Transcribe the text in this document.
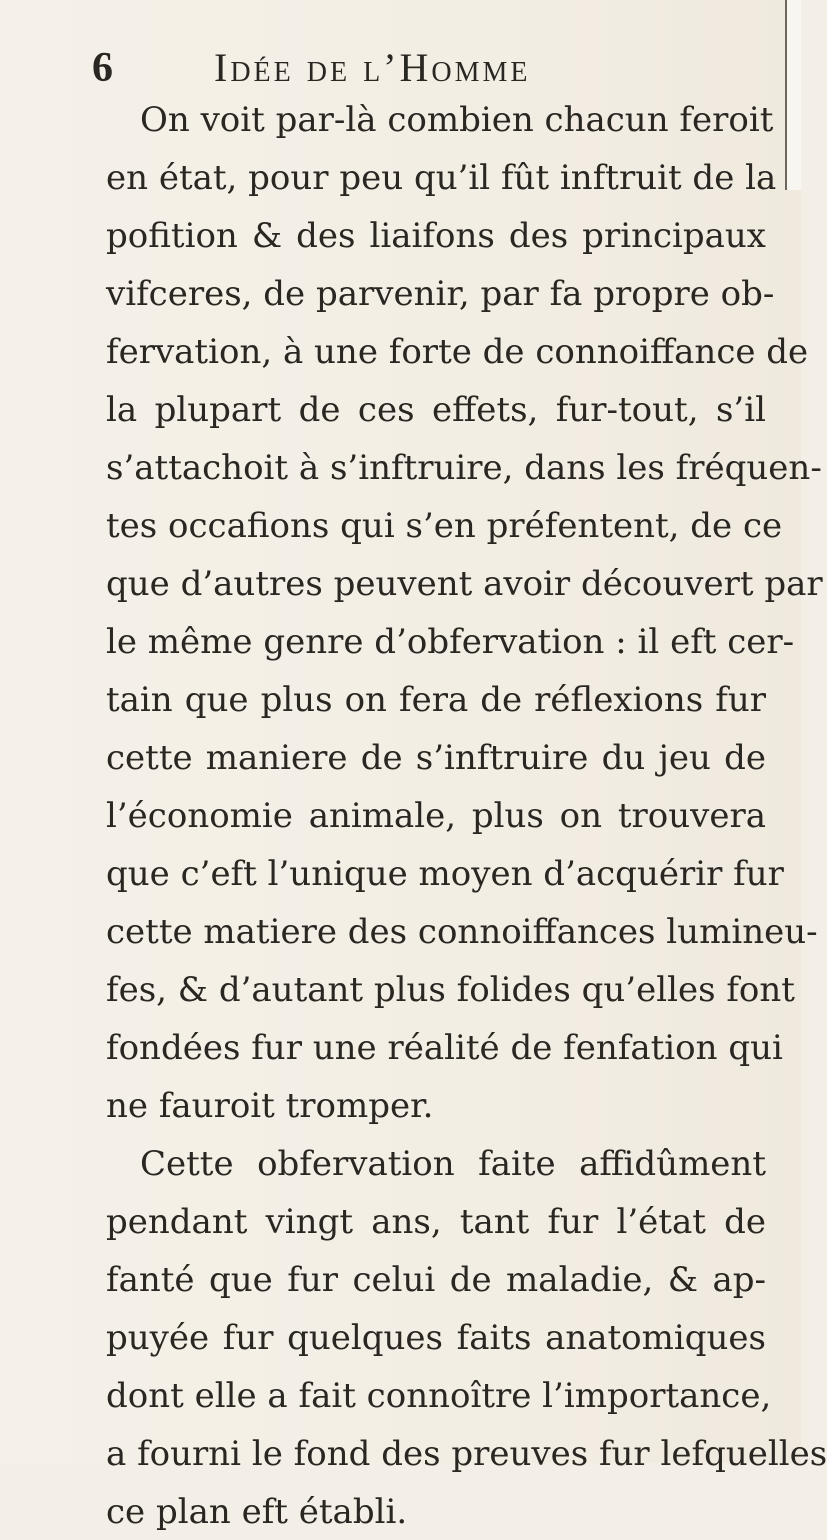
6	Idée de l’Homme
On voit par-là combien chacun feroit
en état, pour peu qu’il fût inftruit de la
pofition & des liaifons des principaux
vifceres, de parvenir, par fa propre ob-
fervation, à une forte de connoiffance de
la plupart de ces effets, fur-tout, s’il
s’attachoit à s’inftruire, dans les fréquen-
tes occafions qui s’en préfentent, de ce
que d’autres peuvent avoir découvert par
le même genre d’obfervation : il eft cer-
tain que plus on fera de réflexions fur
cette maniere de s’inftruire du jeu de
l’économie animale, plus on trouvera
que c’eft l’unique moyen d’acquérir fur
cette matiere des connoiffances lumineu-
fes, & d’autant plus folides qu’elles font
fondées fur une réalité de fenfation qui
ne fauroit tromper.
Cette obfervation faite affidûment
pendant vingt ans, tant fur l’état de
fanté que fur celui de maladie, & ap-
puyée fur quelques faits anatomiques
dont elle a fait connoître l’importance,
a fourni le fond des preuves fur lefquelles
ce plan eft établi.
